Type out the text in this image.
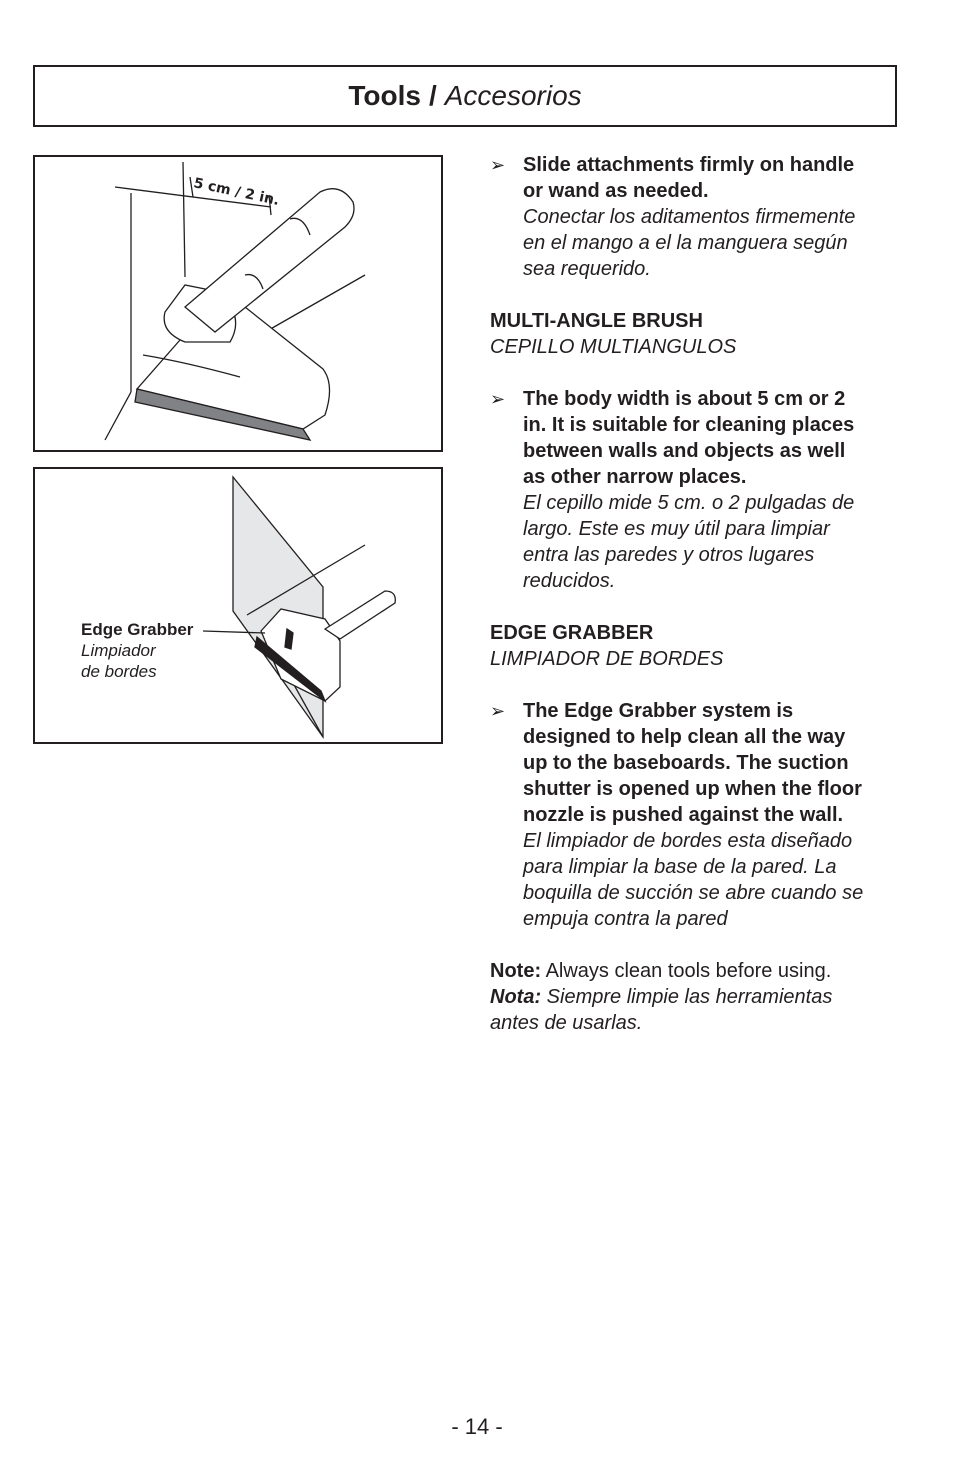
Tools / Accesorios
5 cm / 2 in.
Edge Grabber
Limpiador
de bordes
➢ Slide attachments firmly on handle
or wand as needed.
Conectar los aditamentos firmemente
en el mango a el la manguera según
sea requerido.
MULTI-ANGLE BRUSH
CEPILLO MULTIANGULOS
➢ The body width is about 5 cm or 2
in. It is suitable for cleaning places
between walls and objects as well
as other narrow places.
El cepillo mide 5 cm. o 2 pulgadas de
largo. Este es muy útil para limpiar
entra las paredes y otros lugares
reducidos.
EDGE GRABBER
LIMPIADOR DE BORDES
➢ The Edge Grabber system is
designed to help clean all the way
up to the baseboards. The suction
shutter is opened up when the floor
nozzle is pushed against the wall.
El limpiador de bordes esta diseñado
para limpiar la base de la pared. La
boquilla de succión se abre cuando se
empuja contra la pared
Note: Always clean tools before using.
Nota: Siempre limpie las herramientas
antes de usarlas.
- 14 -
